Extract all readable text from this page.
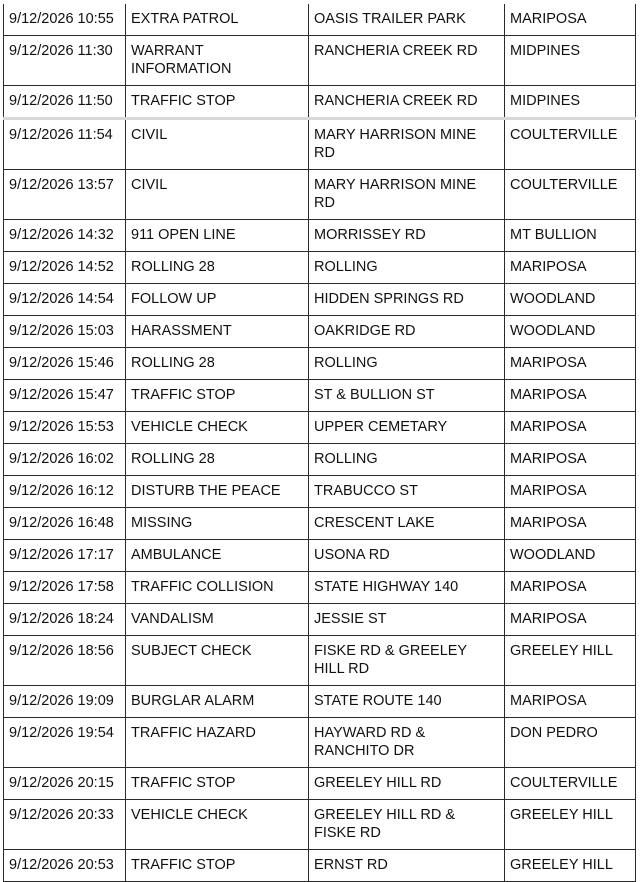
9/12/2026 10:55	EXTRA PATROL	OASIS TRAILER PARK	MARIPOSA
9/12/2026 11:30	WARRANT INFORMATION	RANCHERIA CREEK RD	MIDPINES
9/12/2026 11:50	TRAFFIC STOP	RANCHERIA CREEK RD	MIDPINES
9/12/2026 11:54	CIVIL	MARY HARRISON MINE RD	COULTERVILLE
9/12/2026 13:57	CIVIL	MARY HARRISON MINE RD	COULTERVILLE
9/12/2026 14:32	911 OPEN LINE	MORRISSEY RD	MT BULLION
9/12/2026 14:52	ROLLING 28	ROLLING	MARIPOSA
9/12/2026 14:54	FOLLOW UP	HIDDEN SPRINGS RD	WOODLAND
9/12/2026 15:03	HARASSMENT	OAKRIDGE RD	WOODLAND
9/12/2026 15:46	ROLLING 28	ROLLING	MARIPOSA
9/12/2026 15:47	TRAFFIC STOP	ST & BULLION ST	MARIPOSA
9/12/2026 15:53	VEHICLE CHECK	UPPER CEMETARY	MARIPOSA
9/12/2026 16:02	ROLLING 28	ROLLING	MARIPOSA
9/12/2026 16:12	DISTURB THE PEACE	TRABUCCO ST	MARIPOSA
9/12/2026 16:48	MISSING	CRESCENT LAKE	MARIPOSA
9/12/2026 17:17	AMBULANCE	USONA RD	WOODLAND
9/12/2026 17:58	TRAFFIC COLLISION	STATE HIGHWAY 140	MARIPOSA
9/12/2026 18:24	VANDALISM	JESSIE ST	MARIPOSA
9/12/2026 18:56	SUBJECT CHECK	FISKE RD & GREELEY HILL RD	GREELEY HILL
9/12/2026 19:09	BURGLAR ALARM	STATE ROUTE 140	MARIPOSA
9/12/2026 19:54	TRAFFIC HAZARD	HAYWARD RD & RANCHITO DR	DON PEDRO
9/12/2026 20:15	TRAFFIC STOP	GREELEY HILL RD	COULTERVILLE
9/12/2026 20:33	VEHICLE CHECK	GREELEY HILL RD & FISKE RD	GREELEY HILL
9/12/2026 20:53	TRAFFIC STOP	ERNST RD	GREELEY HILL
